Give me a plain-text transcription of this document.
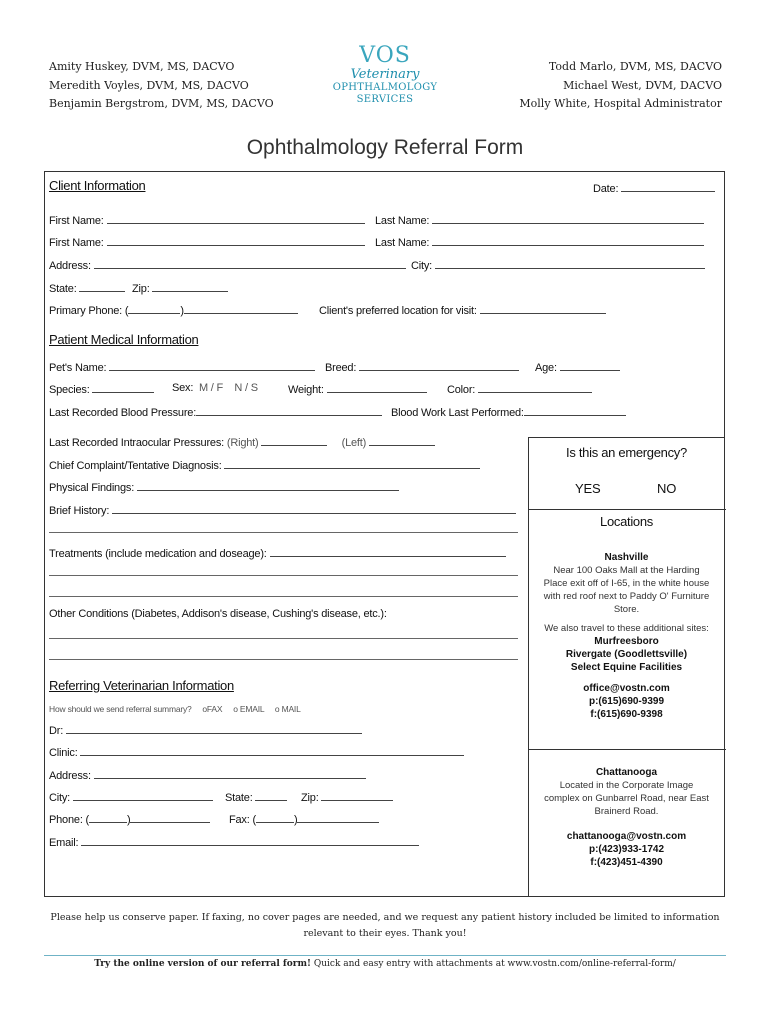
Amity Huskey, DVM, MS, DACVO
Meredith Voyles, DVM, MS, DACVO
Benjamin Bergstrom, DVM, MS, DACVO
VOS
Veterinary
OPHTHALMOLOGY
SERVICES
Todd Marlo, DVM, MS, DACVO
Michael West, DVM, DACVO
Molly White, Hospital Administrator
Ophthalmology Referral Form
Client Information	Date:
First Name:	Last Name:
First Name:	Last Name:
Address:	City:
State:	Zip:
Primary Phone: (	)	Client's preferred location for visit:
Patient Medical Information
Pet's Name:	Breed:	Age:
Species:	Sex:  M / F    N / S	Weight:	Color:
Last Recorded Blood Pressure:	Blood Work Last Performed:
Last Recorded Intraocular Pressures: (Right)	(Left)
Chief Complaint/Tentative Diagnosis:
Physical Findings:
Brief History:
Treatments (include medication and doseage):
Other Conditions (Diabetes, Addison's disease, Cushing's disease, etc.):
Referring Veterinarian Information
How should we send referral summary? oFAX o EMAIL o MAIL
Dr:
Clinic:
Address:
City:	State:	Zip:
Phone: (	)	Fax: (	)
Email:
Is this an emergency?
YES	NO
Locations
Nashville
Near 100 Oaks Mall at the Harding
Place exit off of I-65, in the white house
with red roof next to Paddy O' Furniture
Store.
We also travel to these additional sites:
Murfreesboro
Rivergate (Goodlettsville)
Select Equine Facilities
office@vostn.com
p:(615)690-9399
f:(615)690-9398
Chattanooga
Located in the Corporate Image
complex on Gunbarrel Road, near East
Brainerd Road.
chattanooga@vostn.com
p:(423)933-1742
f:(423)451-4390
Please help us conserve paper. If faxing, no cover pages are needed, and we request any patient history included be limited to information
relevant to their eyes. Thank you!
Try the online version of our referral form! Quick and easy entry with attachments at www.vostn.com/online-referral-form/
